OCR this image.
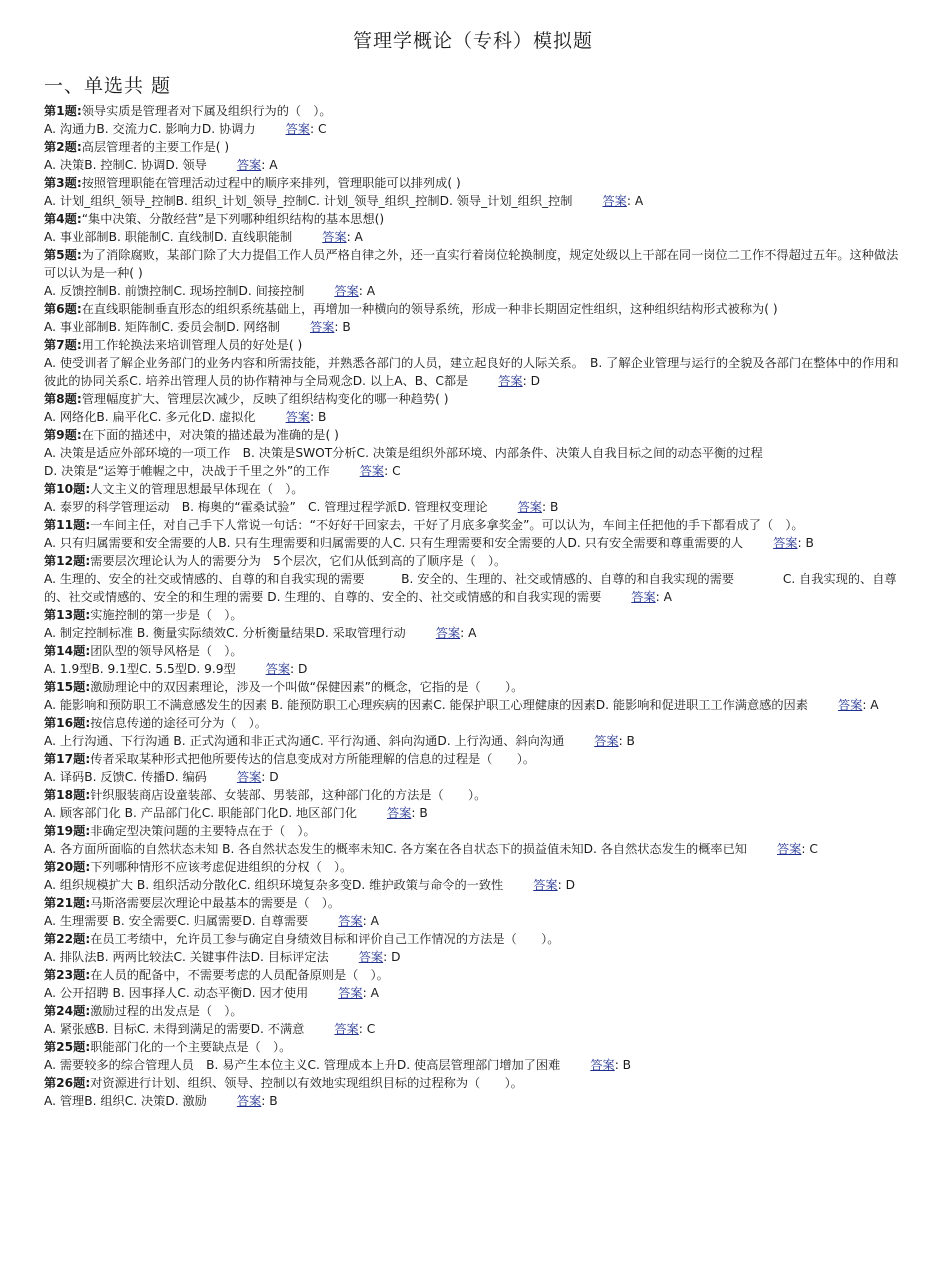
管理学概论（专科）模拟题
一、单选共 题

第1题:领导实质是管理者对下属及组织行为的（　）。

A. 沟通力B. 交流力C. 影响力D. 协调力 答案: C

第2题:高层管理者的主要工作是( )

A. 决策B. 控制C. 协调D. 领导 答案: A

第3题:按照管理职能在管理活动过程中的顺序来排列，管理职能可以排列成( )

A. 计划_组织_领导_控制B. 组织_计划_领导_控制C. 计划_领导_组织_控制D. 领导_计划_组织_控制 答案: A

第4题:“集中决策、分散经营”是下列哪种组织结构的基本思想()

A. 事业部制B. 职能制C. 直线制D. 直线职能制 答案: A

第5题:为了消除腐败，某部门除了大力提倡工作人员严格自律之外，还一直实行着岗位轮换制度，规定处级以上干部在同一岗位二工作不得超过五年。这种做法可以认为是一种( )

A. 反馈控制B. 前馈控制C. 现场控制D. 间接控制 答案: A

第6题:在直线职能制垂直形态的组织系统基础上，再增加一种横向的领导系统，形成一种非长期固定性组织，这种组织结构形式被称为( )

A. 事业部制B. 矩阵制C. 委员会制D. 网络制 答案: B

第7题:用工作轮换法来培训管理人员的好处是( )

A. 使受训者了解企业务部门的业务内容和所需技能，并熟悉各部门的人员，建立起良好的人际关系。　B. 了解企业管理与运行的全貌及各部门在整体中的作用和彼此的协同关系C. 培养出管理人员的协作精神与全局观念D. 以上A、B、C都是 答案: D

第8题:管理幅度扩大、管理层次减少，反映了组织结构变化的哪一种趋势( )

A. 网络化B. 扁平化C. 多元化D. 虚拟化 答案: B

第9题:在下面的描述中，对决策的描述最为准确的是( )

A. 决策是适应外部环境的一项工作　B. 决策是SWOT分析C. 决策是组织外部环境、内部条件、决策人自我目标之间的动态平衡的过程　　　　　　　　　　　D. 决策是“运筹于帷幄之中，决战于千里之外”的工作 答案: C

第10题:人文主义的管理思想最早体现在（　）。

A. 泰罗的科学管理运动　B. 梅奥的“霍桑试验”　C. 管理过程学派D. 管理权变理论 答案: B

第11题:一车间主任，对自己手下人常说一句话：“不好好干回家去，干好了月底多拿奖金”。可以认为，车间主任把他的手下都看成了（　）。

A. 只有归属需要和安全需要的人B. 只有生理需要和归属需要的人C. 只有生理需要和安全需要的人D. 只有安全需要和尊重需要的人 答案: B

第12题:需要层次理论认为人的需要分为　5个层次，它们从低到高的了顺序是（　）。

A. 生理的、安全的社交或情感的、自尊的和自我实现的需要　　　B. 安全的、生理的、社交或情感的、自尊的和自我实现的需要　　　　C. 自我实现的、自尊的、社交或情感的、安全的和生理的需要 D. 生理的、自尊的、安全的、社交或情感的和自我实现的需要 答案: A

第13题:实施控制的第一步是（　）。

A. 制定控制标准 B. 衡量实际绩效C. 分析衡量结果D. 采取管理行动 答案: A

第14题:团队型的领导风格是（　）。

A. 1.9型B. 9.1型C. 5.5型D. 9.9型 答案: D

第15题:激励理论中的双因素理论，涉及一个叫做“保健因素”的概念，它指的是（　　）。

A. 能影响和预防职工不满意感发生的因素 B. 能预防职工心理疾病的因素C. 能保护职工心理健康的因素D. 能影响和促进职工工作满意感的因素 答案: A

第16题:按信息传递的途径可分为（　）。

A. 上行沟通、下行沟通 B. 正式沟通和非正式沟通C. 平行沟通、斜向沟通D. 上行沟通、斜向沟通 答案: B

第17题:传者采取某种形式把他所要传达的信息变成对方所能理解的信息的过程是（　　）。

A. 译码B. 反馈C. 传播D. 编码 答案: D

第18题:针织服装商店设童装部、女装部、男装部，这种部门化的方法是（　　）。

A. 顾客部门化 B. 产品部门化C. 职能部门化D. 地区部门化 答案: B

第19题:非确定型决策问题的主要特点在于（　）。

A. 各方面所面临的自然状态未知 B. 各自然状态发生的概率未知C. 各方案在各自状态下的损益值未知D. 各自然状态发生的概率已知 答案: C

第20题:下列哪种情形不应该考虑促进组织的分权（　）。

A. 组织规模扩大 B. 组织活动分散化C. 组织环境复杂多变D. 维护政策与命令的一致性 答案: D

第21题:马斯洛需要层次理论中最基本的需要是（　）。

A. 生理需要 B. 安全需要C. 归属需要D. 自尊需要 答案: A

第22题:在员工考绩中，允许员工参与确定自身绩效目标和评价自己工作情况的方法是（　　）。

A. 排队法B. 两两比较法C. 关键事件法D. 目标评定法 答案: D

第23题:在人员的配备中，不需要考虑的人员配备原则是（　）。

A. 公开招聘 B. 因事择人C. 动态平衡D. 因才使用 答案: A

第24题:激励过程的出发点是（　）。

A. 紧张感B. 目标C. 未得到满足的需要D. 不满意 答案: C

第25题:职能部门化的一个主要缺点是（　）。

A. 需要较多的综合管理人员　B. 易产生本位主义C. 管理成本上升D. 使高层管理部门增加了困难 答案: B

第26题:对资源进行计划、组织、领导、控制以有效地实现组织目标的过程称为（　　）。

A. 管理B. 组织C. 决策D. 激励 答案: B
